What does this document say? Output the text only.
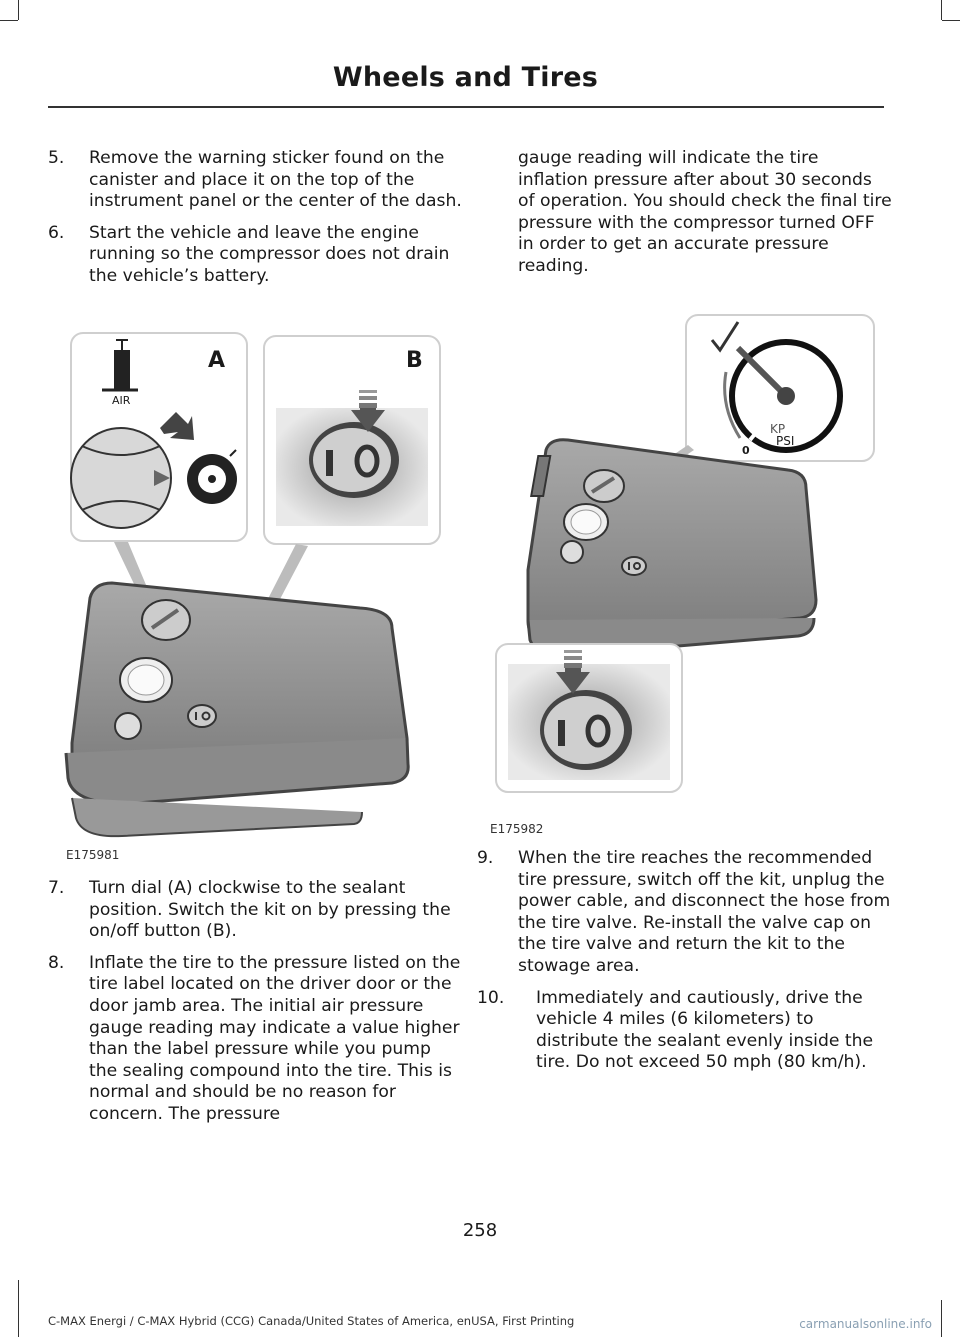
Wheels and Tires
5.	Remove the warning sticker found on the canister and place it on the top of the instrument panel or the center of the dash.
6.	Start the vehicle and leave the engine running so the compressor does not drain the vehicle’s battery.
A	B
AIR
E175981
7.	Turn dial (A) clockwise to the sealant position. Switch the kit on by pressing the on/off button (B).
8.	Inflate the tire to the pressure listed on the tire label located on the driver door or the door jamb area. The initial air pressure gauge reading may indicate a value higher than the label pressure while you pump the sealing compound into the tire. This is normal and should be no reason for concern. The pressure

gauge reading will indicate the tire inflation pressure after about 30 seconds of operation. You should check the final tire pressure with the compressor turned OFF in order to get an accurate pressure reading.

KP
PSI
0
E175982
9.	When the tire reaches the recommended tire pressure, switch off the kit, unplug the power cable, and disconnect the hose from the tire valve. Re-install the valve cap on the tire valve and return the kit to the stowage area.
10.	Immediately and cautiously, drive the vehicle 4 miles (6 kilometers) to distribute the sealant evenly inside the tire. Do not exceed 50 mph (80 km/h).
258
C-MAX Energi / C-MAX Hybrid (CCG) Canada/United States of America, enUSA, First Printing	carmanualsonline.info
